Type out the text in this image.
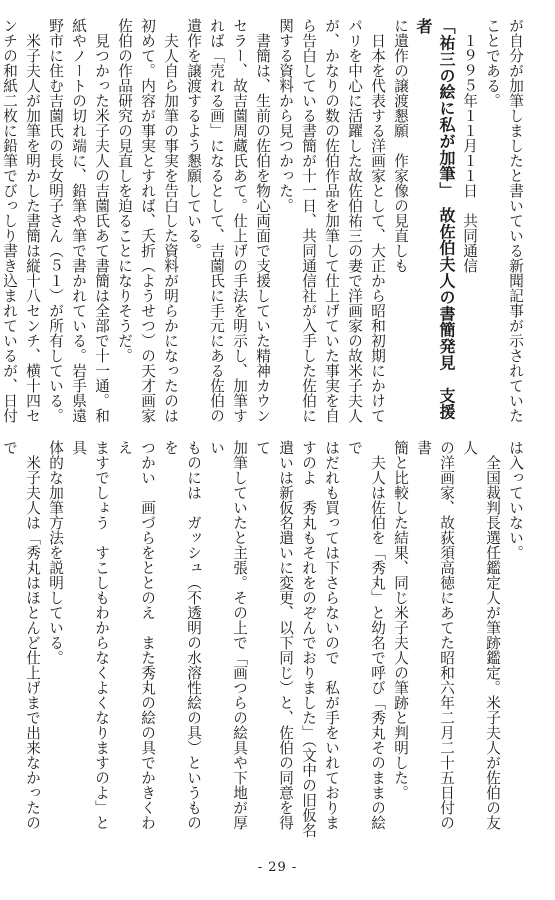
が自分が加筆しましたと書いている新聞記事が示されていた
ことである。
　１９９５年１１月１１日　共同通信
「祐三の絵に私が加筆」　故佐伯夫人の書簡発見　支援者
に遺作の譲渡懇願　作家像の見直しも
　日本を代表する洋画家として、大正から昭和初期にかけて
パリを中心に活躍した故佐伯祐三の妻で洋画家の故米子夫人
が、かなりの数の佐伯作品を加筆して仕上げていた事実を自
ら告白している書簡が十一日、共同通信社が入手した佐伯に
関する資料から見つかった。
　書簡は、生前の佐伯を物心両面で支援していた精神カウン
セラー、故吉薗周蔵氏あて。仕上げの手法を明示し、加筆す
れば「売れる画」になるとして、吉薗氏に手元にある佐伯の
遺作を譲渡するよう懇願している。
　夫人自ら加筆の事実を告白した資料が明らかになったのは
初めて。内容が事実とすれば、夭折（ようせつ）の天才画家
佐伯の作品研究の見直しを迫ることになりそうだ。
　見つかった米子夫人の吉薗氏あて書簡は全部で十一通。和
紙やノートの切れ端に、鉛筆や筆で書かれている。岩手県遠
野市に住む吉薗氏の長女明子さん（５１）が所有している。
　米子夫人が加筆を明かした書簡は縦十八センチ、横十四セ
ンチの和紙二枚に鉛筆でびっしり書き込まれているが、日付
は入っていない。
　全国裁判長選任鑑定人が筆跡鑑定。米子夫人が佐伯の友人
の洋画家、故荻須高徳にあてた昭和六年二月二十五日付の書
簡と比較した結果、同じ米子夫人の筆跡と判明した。
　夫人は佐伯を「秀丸」と幼名で呼び「秀丸そのままの絵で
はだれも買っては下さらないので　私が手をいれておりま
すのよ　秀丸もそれをのぞんでおりました」（文中の旧仮名
遣いは新仮名遣いに変更、以下同じ）と、佐伯の同意を得て
加筆していたと主張。その上で「画つらの絵具や下地が厚い
ものには　ガッシュ（不透明の水溶性絵の具）というものを
つかい　画づらをととのえ　また秀丸の絵の具でかきくわえ
ますでしょう　すこしもわからなくよくなりますのよ」と具
体的な加筆方法を説明している。
　米子夫人は「秀丸はほとんど仕上げまで出来なかったので
- 29 -
